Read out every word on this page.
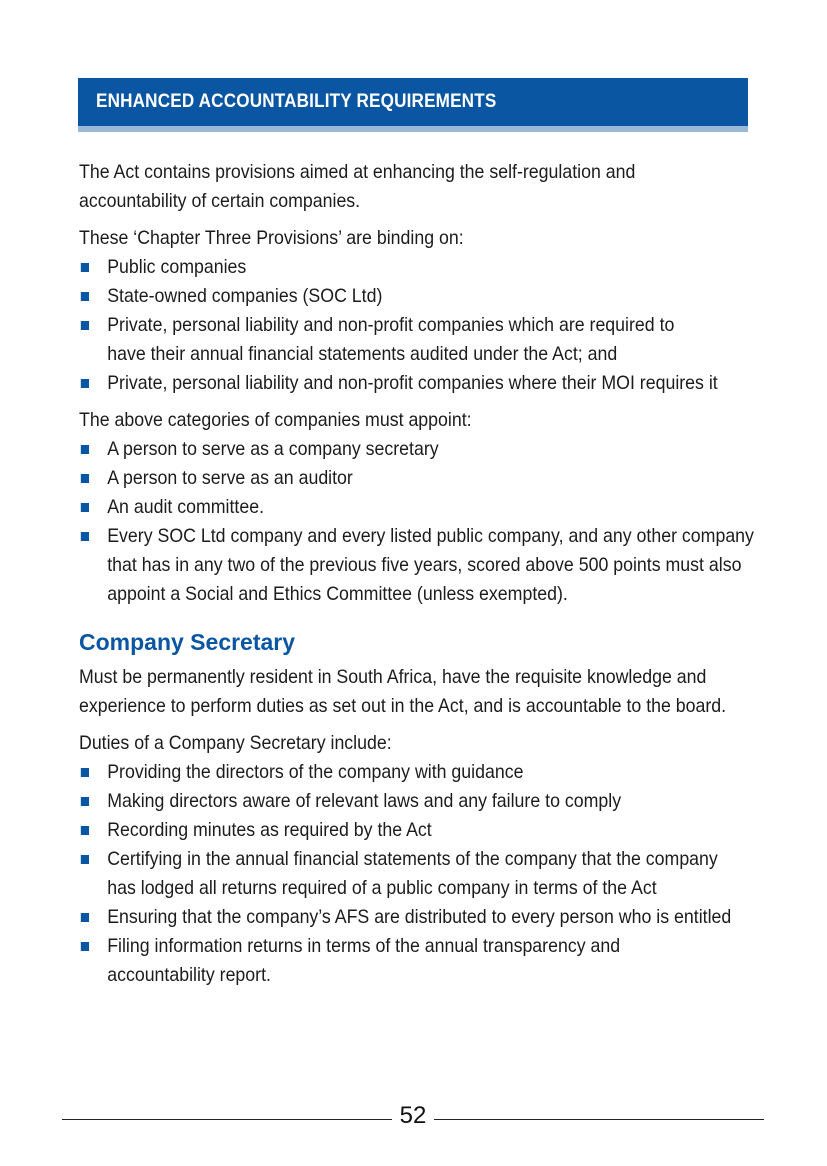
ENHANCED ACCOUNTABILITY REQUIREMENTS

The Act contains provisions aimed at enhancing the self-regulation and accountability of certain companies.

These ‘Chapter Three Provisions’ are binding on:

Public companies
State-owned companies (SOC Ltd)
Private, personal liability and non-profit companies which are required to have their annual financial statements audited under the Act; and
Private, personal liability and non-profit companies where their MOI requires it

The above categories of companies must appoint:

A person to serve as a company secretary
A person to serve as an auditor
An audit committee.
Every SOC Ltd company and every listed public company, and any other company that has in any two of the previous five years, scored above 500 points must also appoint a Social and Ethics Committee (unless exempted).
Company Secretary

Must be permanently resident in South Africa, have the requisite knowledge and experience to perform duties as set out in the Act, and is accountable to the board.

Duties of a Company Secretary include:

Providing the directors of the company with guidance
Making directors aware of relevant laws and any failure to comply
Recording minutes as required by the Act
Certifying in the annual financial statements of the company that the company has lodged all returns required of a public company in terms of the Act
Ensuring that the company’s AFS are distributed to every person who is entitled
Filing information returns in terms of the annual transparency and accountability report.
52
